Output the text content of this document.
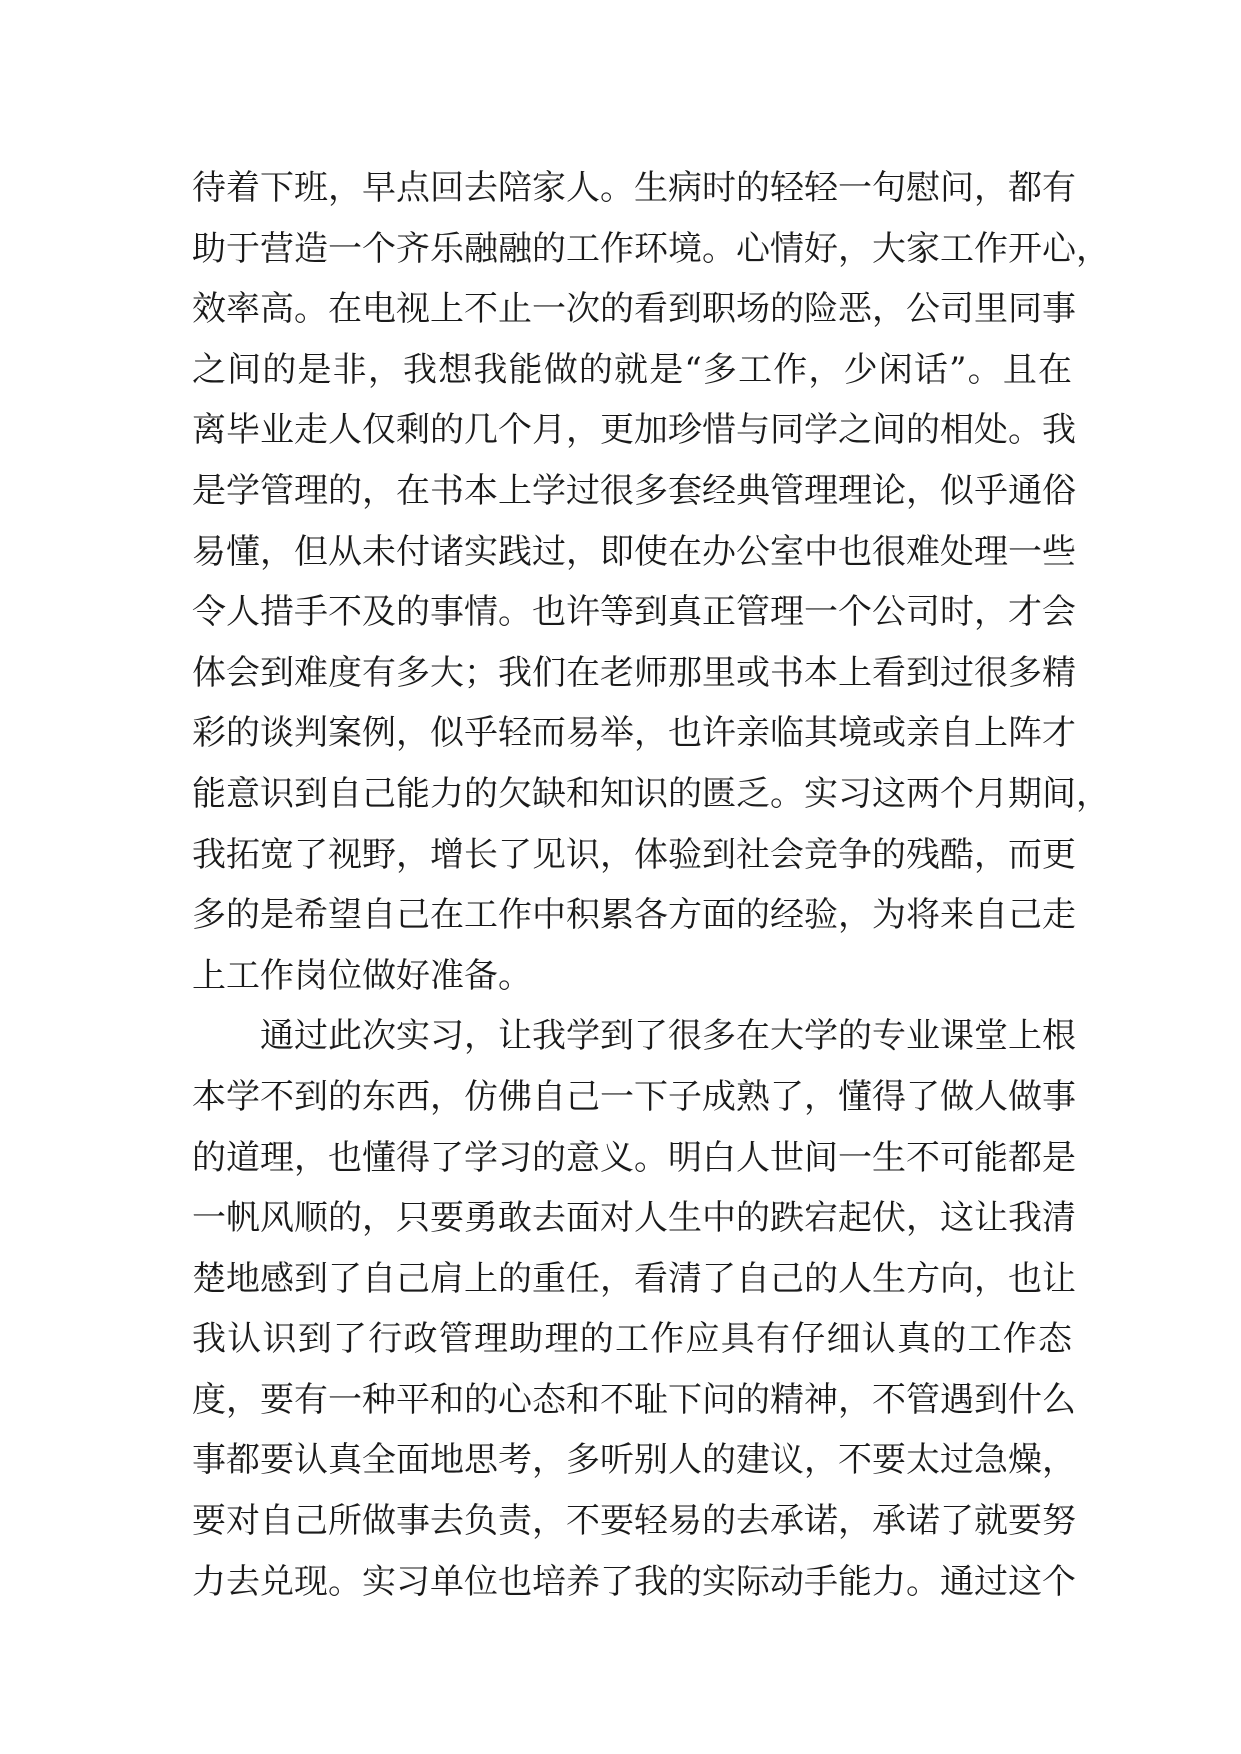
待着下班，早点回去陪家人。生病时的轻轻一句慰问，都有
助于营造一个齐乐融融的工作环境。心情好，大家工作开心，
效率高。在电视上不止一次的看到职场的险恶，公司里同事
之间的是非，我想我能做的就是“多工作，少闲话”。且在
离毕业走人仅剩的几个月，更加珍惜与同学之间的相处。我
是学管理的，在书本上学过很多套经典管理理论，似乎通俗
易懂，但从未付诸实践过，即使在办公室中也很难处理一些
令人措手不及的事情。也许等到真正管理一个公司时，才会
体会到难度有多大；我们在老师那里或书本上看到过很多精
彩的谈判案例，似乎轻而易举，也许亲临其境或亲自上阵才
能意识到自己能力的欠缺和知识的匮乏。实习这两个月期间，
我拓宽了视野，增长了见识，体验到社会竞争的残酷，而更
多的是希望自己在工作中积累各方面的经验，为将来自己走
上工作岗位做好准备。
通过此次实习，让我学到了很多在大学的专业课堂上根
本学不到的东西，仿佛自己一下子成熟了，懂得了做人做事
的道理，也懂得了学习的意义。明白人世间一生不可能都是
一帆风顺的，只要勇敢去面对人生中的跌宕起伏，这让我清
楚地感到了自己肩上的重任，看清了自己的人生方向，也让
我认识到了行政管理助理的工作应具有仔细认真的工作态
度，要有一种平和的心态和不耻下问的精神，不管遇到什么
事都要认真全面地思考，多听别人的建议，不要太过急燥，
要对自己所做事去负责，不要轻易的去承诺，承诺了就要努
力去兑现。实习单位也培养了我的实际动手能力。通过这个
